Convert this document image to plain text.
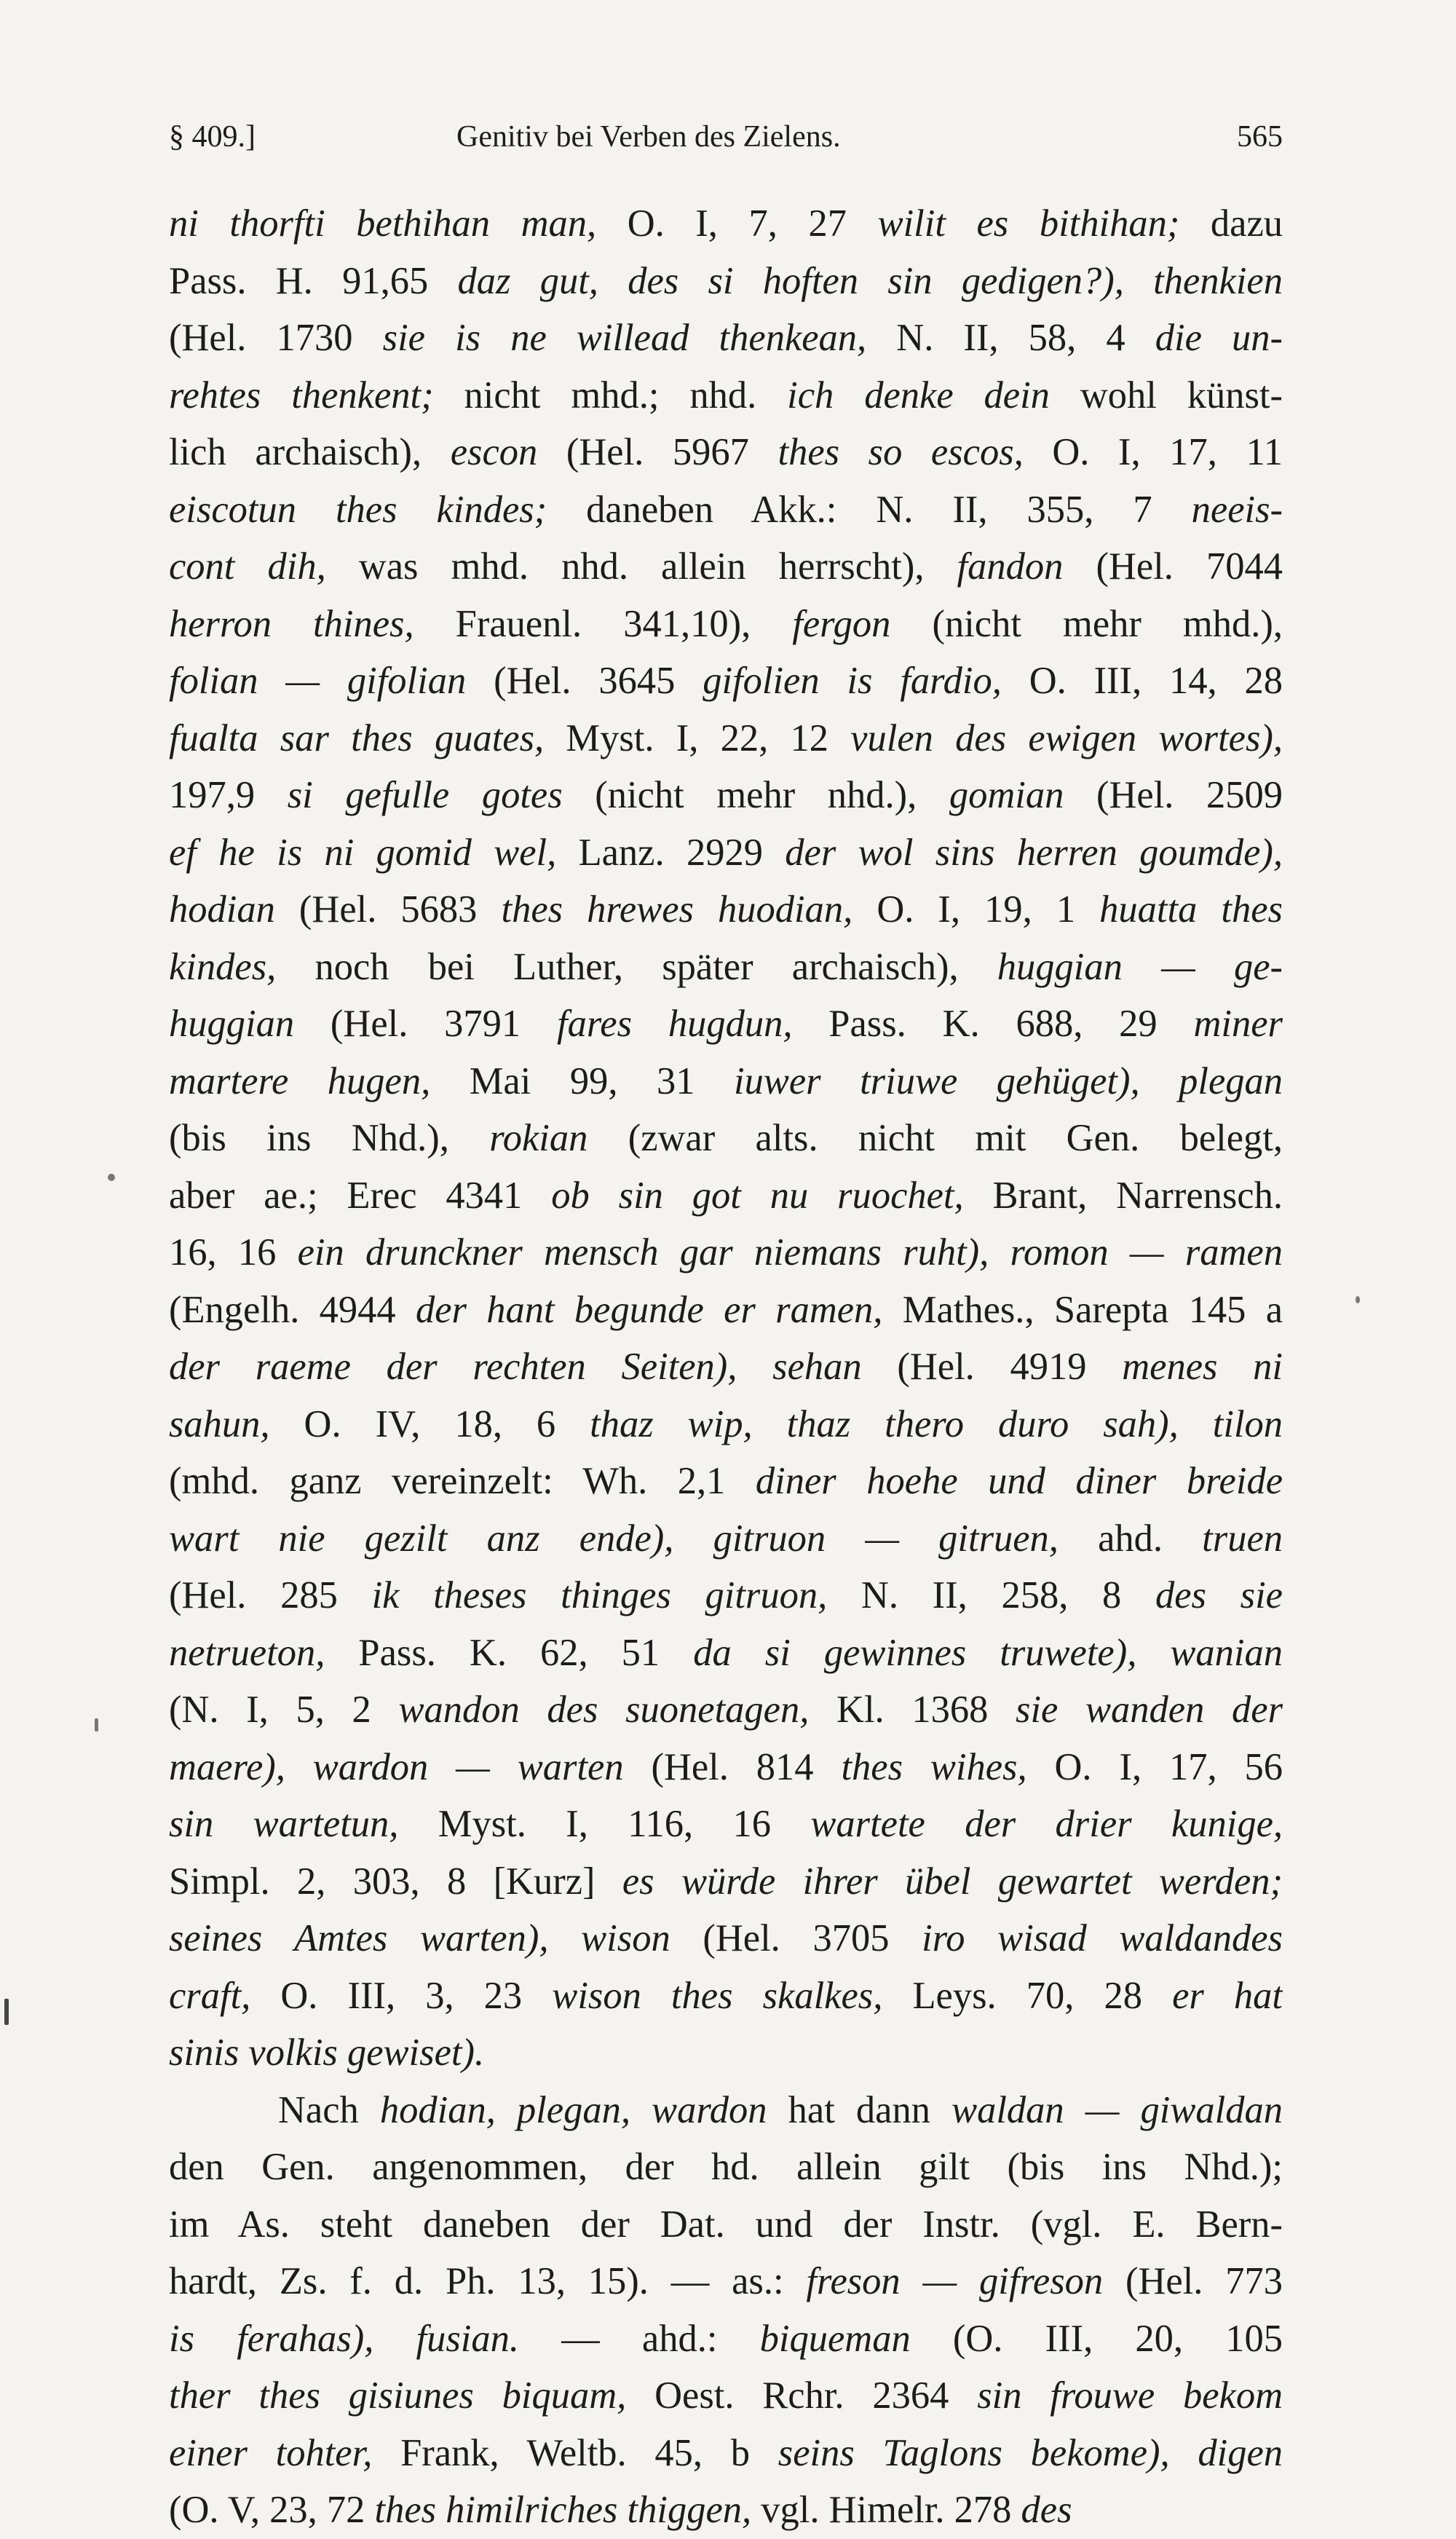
§ 409.]	Genitiv bei Verben des Zielens.	565
ni thorfti bethihan man, O. I, 7, 27 wilit es bithihan; dazu
Pass. H. 91,65 daz gut, des si hoften sin gedigen?), thenkien
(Hel. 1730 sie is ne willead thenkean, N. II, 58, 4 die un-
rehtes thenkent; nicht mhd.; nhd. ich denke dein wohl künst-
lich archaisch), escon (Hel. 5967 thes so escos, O. I, 17, 11
eiscotun thes kindes; daneben Akk.: N. II, 355, 7 neeis-
cont dih, was mhd. nhd. allein herrscht), fandon (Hel. 7044
herron thines, Frauenl. 341,10), fergon (nicht mehr mhd.),
folian — gifolian (Hel. 3645 gifolien is fardio, O. III, 14, 28
fualta sar thes guates, Myst. I, 22, 12 vulen des ewigen wortes),
197,9 si gefulle gotes (nicht mehr nhd.), gomian (Hel. 2509
ef he is ni gomid wel, Lanz. 2929 der wol sins herren goumde),
hodian (Hel. 5683 thes hrewes huodian, O. I, 19, 1 huatta thes
kindes, noch bei Luther, später archaisch), huggian — ge-
huggian (Hel. 3791 fares hugdun, Pass. K. 688, 29 miner
martere hugen, Mai 99, 31 iuwer triuwe gehüget), plegan
(bis ins Nhd.), rokian (zwar alts. nicht mit Gen. belegt,
aber ae.; Erec 4341 ob sin got nu ruochet, Brant, Narrensch.
16, 16 ein drunckner mensch gar niemans ruht), romon — ramen
(Engelh. 4944 der hant begunde er ramen, Mathes., Sarepta 145 a
der raeme der rechten Seiten), sehan (Hel. 4919 menes ni
sahun, O. IV, 18, 6 thaz wip, thaz thero duro sah), tilon
(mhd. ganz vereinzelt: Wh. 2,1 diner hoehe und diner breide
wart nie gezilt anz ende), gitruon — gitruen, ahd. truen
(Hel. 285 ik theses thinges gitruon, N. II, 258, 8 des sie
netrueton, Pass. K. 62, 51 da si gewinnes truwete), wanian
(N. I, 5, 2 wandon des suonetagen, Kl. 1368 sie wanden der
maere), wardon — warten (Hel. 814 thes wihes, O. I, 17, 56
sin wartetun, Myst. I, 116, 16 wartete der drier kunige,
Simpl. 2, 303, 8 [Kurz] es würde ihrer übel gewartet werden;
seines Amtes warten), wison (Hel. 3705 iro wisad waldandes
craft, O. III, 3, 23 wison thes skalkes, Leys. 70, 28 er hat
sinis volkis gewiset).
Nach hodian, plegan, wardon hat dann waldan — giwaldan
den Gen. angenommen, der hd. allein gilt (bis ins Nhd.);
im As. steht daneben der Dat. und der Instr. (vgl. E. Bern-
hardt, Zs. f. d. Ph. 13, 15). — as.: freson — gifreson (Hel. 773
is ferahas), fusian. — ahd.: biqueman (O. III, 20, 105
ther thes gisiunes biquam, Oest. Rchr. 2364 sin frouwe bekom
einer tohter, Frank, Weltb. 45, b seins Taglons bekome), digen
(O. V, 23, 72 thes himilriches thiggen, vgl. Himelr. 278 des
